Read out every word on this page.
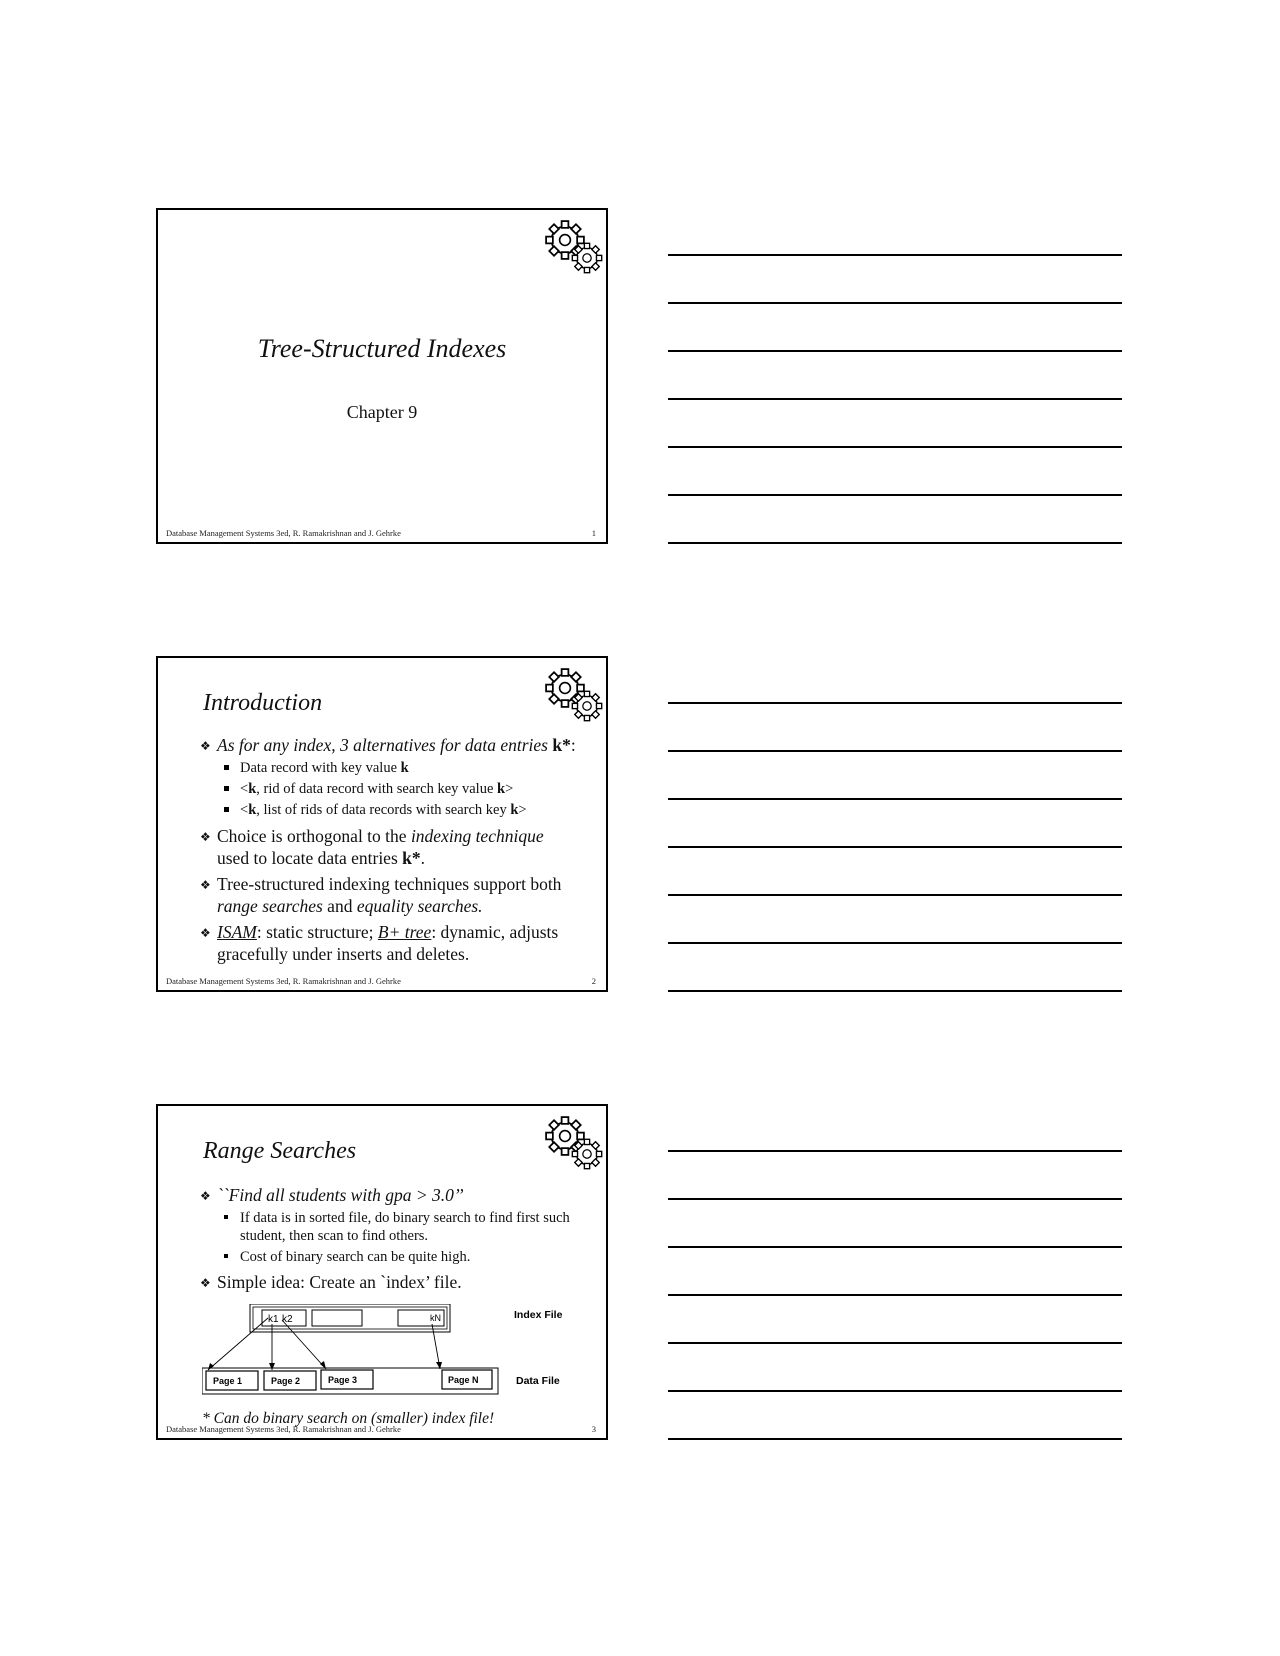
Tree-Structured Indexes
Chapter 9
Database Management Systems 3ed, R. Ramakrishnan and J. Gehrke	1
Introduction
❖ As for any index, 3 alternatives for data entries k*:
Data record with key value k
<k, rid of data record with search key value k>
<k, list of rids of data records with search key k>
❖ Choice is orthogonal to the indexing technique used to locate data entries k*.
❖ Tree-structured indexing techniques support both range searches and equality searches.
❖ ISAM: static structure; B+ tree: dynamic, adjusts gracefully under inserts and deletes.
Database Management Systems 3ed, R. Ramakrishnan and J. Gehrke	2
Range Searches
❖ ``Find all students with gpa > 3.0’’
If data is in sorted file, do binary search to find first such student, then scan to find others.
Cost of binary search can be quite high.
❖ Simple idea: Create an `index’ file.
k1 k2	kN	Index File
Page 1	Page 2	Page 3	Page N	Data File
* Can do binary search on (smaller) index file!
Database Management Systems 3ed, R. Ramakrishnan and J. Gehrke	3
